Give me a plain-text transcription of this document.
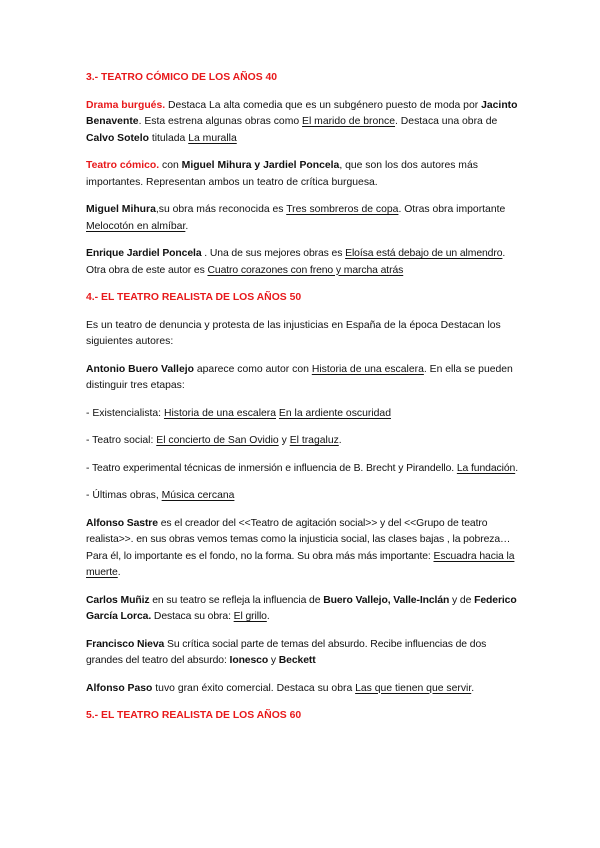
3.- TEATRO CÓMICO DE LOS AÑOS 40

Drama burgués. Destaca La alta comedia que es un subgénero puesto de moda por Jacinto Benavente. Esta estrena algunas obras como El marido de bronce. Destaca una obra de Calvo Sotelo titulada La muralla

Teatro cómico. con Miguel Mihura y Jardiel Poncela, que son los dos autores más importantes. Representan ambos un teatro de crítica burguesa.

Miguel Mihura,su obra más reconocida es Tres sombreros de copa. Otras obra importante Melocotón en almíbar.

Enrique Jardiel Poncela . Una de sus mejores obras es Eloísa está debajo de un almendro. Otra obra de este autor es Cuatro corazones con freno y marcha atrás

4.- EL TEATRO REALISTA DE LOS AÑOS 50

Es un teatro de denuncia y protesta de las injusticias en España de la época Destacan los siguientes autores:

Antonio Buero Vallejo aparece como autor con Historia de una escalera. En ella se pueden distinguir tres etapas:

- Existencialista: Historia de una escalera En la ardiente oscuridad

- Teatro social: El concierto de San Ovidio y El tragaluz.

- Teatro experimental técnicas de inmersión e influencia de B. Brecht y Pirandello. La fundación.

- Últimas obras, Música cercana

Alfonso Sastre es el creador del <<Teatro de agitación social>> y del <<Grupo de teatro realista>>. en sus obras vemos temas como la injusticia social, las clases bajas , la pobreza… Para él, lo importante es el fondo, no la forma. Su obra más más importante: Escuadra hacia la muerte.

Carlos Muñiz en su teatro se refleja la influencia de Buero Vallejo, Valle-Inclán y de Federico García Lorca. Destaca su obra: El grillo.

Francisco Nieva Su crítica social parte de temas del absurdo. Recibe influencias de dos grandes del teatro del absurdo: Ionesco y Beckett

Alfonso Paso tuvo gran éxito comercial. Destaca su obra Las que tienen que servir.

5.- EL TEATRO REALISTA DE LOS AÑOS 60
